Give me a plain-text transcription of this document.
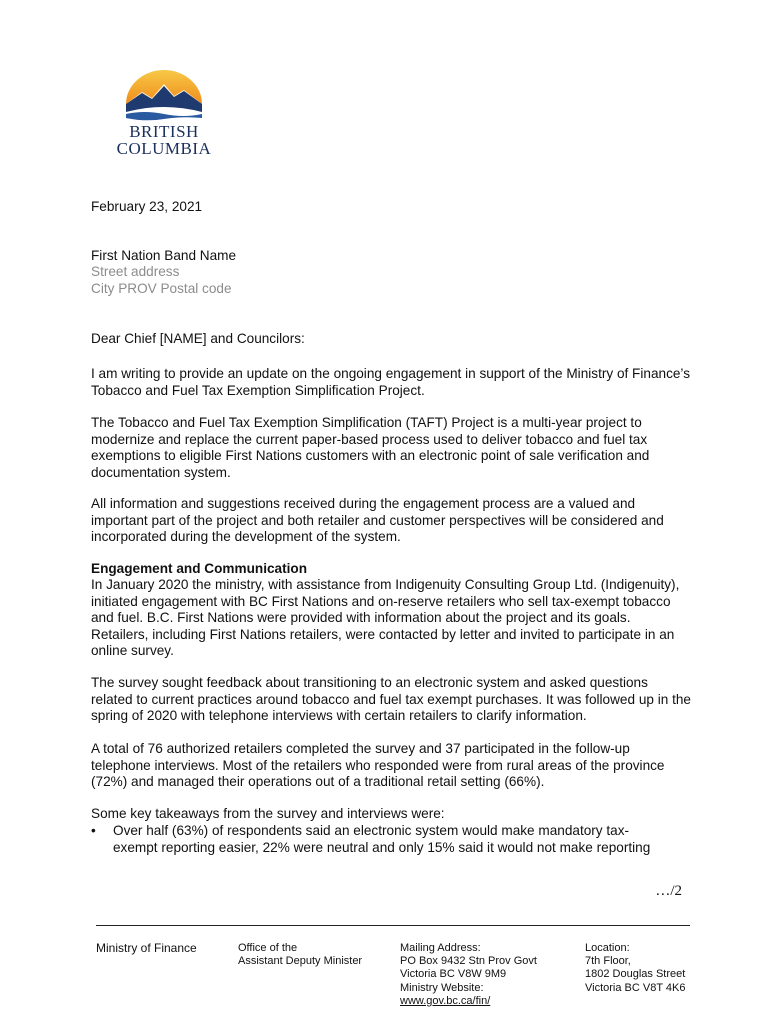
BRITISH
COLUMBIA
February 23, 2021
First Nation Band Name
Street address
City PROV Postal code
Dear Chief [NAME] and Councilors:

I am writing to provide an update on the ongoing engagement in support of the Ministry of Finance’s Tobacco and Fuel Tax Exemption Simplification Project.

The Tobacco and Fuel Tax Exemption Simplification (TAFT) Project is a multi-year project to modernize and replace the current paper-based process used to deliver tobacco and fuel tax exemptions to eligible First Nations customers with an electronic point of sale verification and documentation system.

All information and suggestions received during the engagement process are a valued and important part of the project and both retailer and customer perspectives will be considered and incorporated during the development of the system.

Engagement and Communication

In January 2020 the ministry, with assistance from Indigenuity Consulting Group Ltd. (Indigenuity), initiated engagement with BC First Nations and on-reserve retailers who sell tax-exempt tobacco and fuel. B.C. First Nations were provided with information about the project and its goals. Retailers, including First Nations retailers, were contacted by letter and invited to participate in an online survey.

The survey sought feedback about transitioning to an electronic system and asked questions related to current practices around tobacco and fuel tax exempt purchases. It was followed up in the spring of 2020 with telephone interviews with certain retailers to clarify information.

A total of 76 authorized retailers completed the survey and 37 participated in the follow-up telephone interviews. Most of the retailers who responded were from rural areas of the province (72%) and managed their operations out of a traditional retail setting (66%).

Some key takeaways from the survey and interviews were:

• Over half (63%) of respondents said an electronic system would make mandatory tax-exempt reporting easier, 22% were neutral and only 15% said it would not make reporting
…/2
Ministry of Finance	Office of the
Assistant Deputy Minister
Mailing Address:
PO Box 9432 Stn Prov Govt
Victoria BC V8W 9M9
Ministry Website:
www.gov.bc.ca/fin/
Location:
7th Floor,
1802 Douglas Street
Victoria BC V8T 4K6
